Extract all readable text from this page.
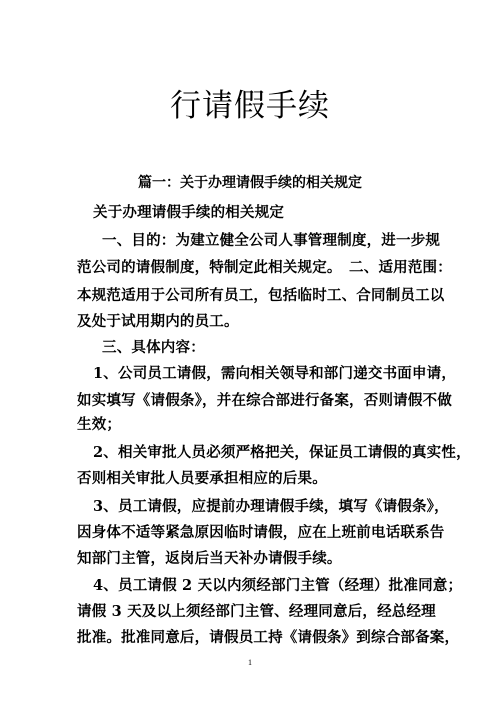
行请假手续
篇一：关于办理请假手续的相关规定
关于办理请假手续的相关规定
一、目的：为建立健全公司人事管理制度，进一步规
范公司的请假制度，特制定此相关规定。　二、适用范围：
本规范适用于公司所有员工，包括临时工、合同制员工以
及处于试用期内的员工。
三、具体内容：
1、公司员工请假，需向相关领导和部门递交书面申请，
如实填写《请假条》，并在综合部进行备案，否则请假不做
生效；
2、相关审批人员必须严格把关，保证员工请假的真实性，
否则相关审批人员要承担相应的后果。
3、员工请假，应提前办理请假手续，填写《请假条》，
因身体不适等紧急原因临时请假，应在上班前电话联系告
知部门主管，返岗后当天补办请假手续。
4、员工请假 2 天以内须经部门主管（经理）批准同意；
请假 3 天及以上须经部门主管、经理同意后，经总经理
批准。批准同意后，请假员工持《请假条》到综合部备案，
1
